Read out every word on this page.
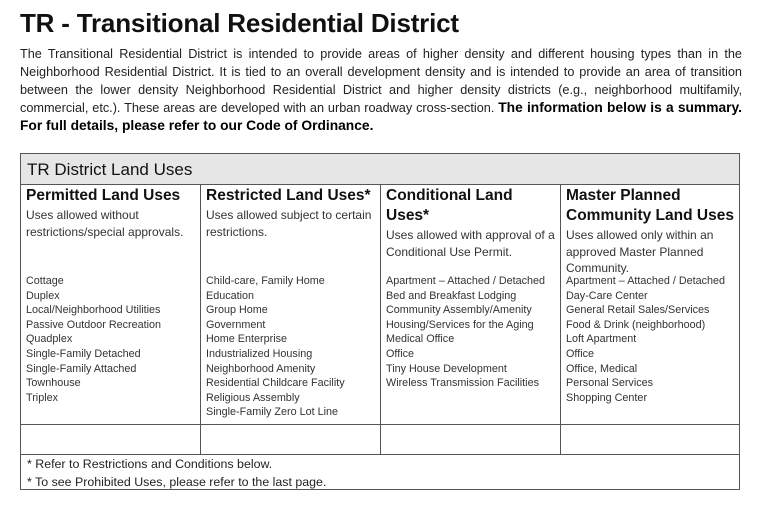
TR - Transitional Residential District

The Transitional Residential District is intended to provide areas of higher density and different housing types than in the Neighborhood Residential District. It is tied to an overall development density and is intended to provide an area of transition between the lower density Neighborhood Residential District and higher density districts (e.g., neighborhood multifamily, commercial, etc.). These areas are developed with an urban roadway cross-section. The information below is a summary. For full details, please refer to our Code of Ordinance.

TR District Land Uses
Permitted Land Uses
Uses allowed without restrictions/special approvals.
Restricted Land Uses*
Uses allowed subject to certain restrictions.
Conditional Land Uses*
Uses allowed with approval of a Conditional Use Permit.
Master Planned Community Land Uses
Uses allowed only within an approved Master Planned Community.
Cottage
Duplex
Local/Neighborhood Utilities
Passive Outdoor Recreation
Quadplex
Single-Family Detached
Single-Family Attached
Townhouse
Triplex
Child-care, Family Home
Education
Group Home
Government
Home Enterprise
Industrialized Housing
Neighborhood Amenity
Residential Childcare Facility
Religious Assembly
Single-Family Zero Lot Line
Apartment – Attached / Detached
Bed and Breakfast Lodging
Community Assembly/Amenity
Housing/Services for the Aging
Medical Office
Office
Tiny House Development
Wireless Transmission Facilities
Apartment – Attached / Detached
Day-Care Center
General Retail Sales/Services
Food & Drink (neighborhood)
Loft Apartment
Office
Office, Medical
Personal Services
Shopping Center
* Refer to Restrictions and Conditions below.
* To see Prohibited Uses, please refer to the last page.
